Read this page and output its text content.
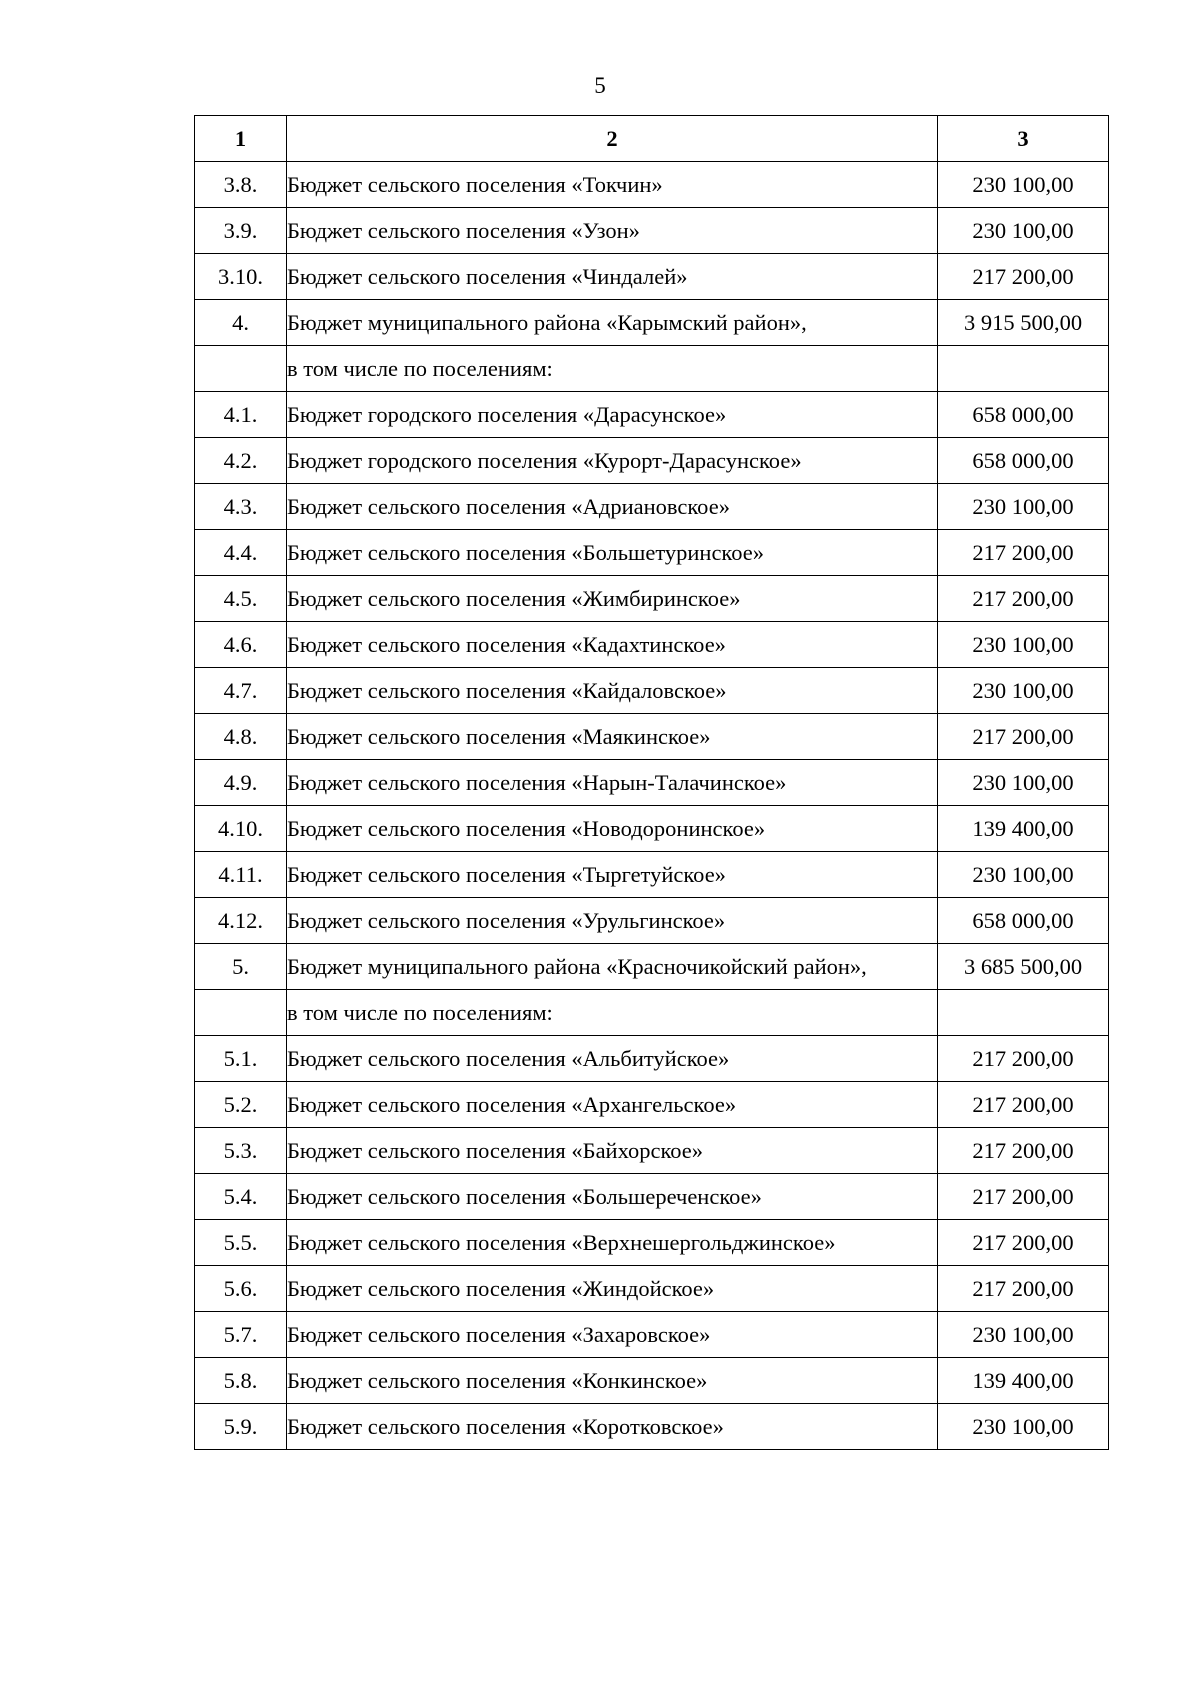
5
1	2	3
3.8.	Бюджет сельского поселения «Токчин»	230 100,00
3.9.	Бюджет сельского поселения «Узон»	230 100,00
3.10.	Бюджет сельского поселения «Чиндалей»	217 200,00
4.	Бюджет муниципального района «Карымский район»,	3 915 500,00
	в том числе по поселениям:	
4.1.	Бюджет городского поселения «Дарасунское»	658 000,00
4.2.	Бюджет городского поселения «Курорт-Дарасунское»	658 000,00
4.3.	Бюджет сельского поселения «Адриановское»	230 100,00
4.4.	Бюджет сельского поселения «Большетуринское»	217 200,00
4.5.	Бюджет сельского поселения «Жимбиринское»	217 200,00
4.6.	Бюджет сельского поселения «Кадахтинское»	230 100,00
4.7.	Бюджет сельского поселения «Кайдаловское»	230 100,00
4.8.	Бюджет сельского поселения «Маякинское»	217 200,00
4.9.	Бюджет сельского поселения «Нарын-Талачинское»	230 100,00
4.10.	Бюджет сельского поселения «Новодоронинское»	139 400,00
4.11.	Бюджет сельского поселения «Тыргетуйское»	230 100,00
4.12.	Бюджет сельского поселения «Урульгинское»	658 000,00
5.	Бюджет муниципального района «Красночикойский район»,	3 685 500,00
	в том числе по поселениям:	
5.1.	Бюджет сельского поселения «Альбитуйское»	217 200,00
5.2.	Бюджет сельского поселения «Архангельское»	217 200,00
5.3.	Бюджет сельского поселения «Байхорское»	217 200,00
5.4.	Бюджет сельского поселения «Большереченское»	217 200,00
5.5.	Бюджет сельского поселения «Верхнешергольджинское»	217 200,00
5.6.	Бюджет сельского поселения «Жиндойское»	217 200,00
5.7.	Бюджет сельского поселения «Захаровское»	230 100,00
5.8.	Бюджет сельского поселения «Конкинское»	139 400,00
5.9.	Бюджет сельского поселения «Коротковское»	230 100,00
